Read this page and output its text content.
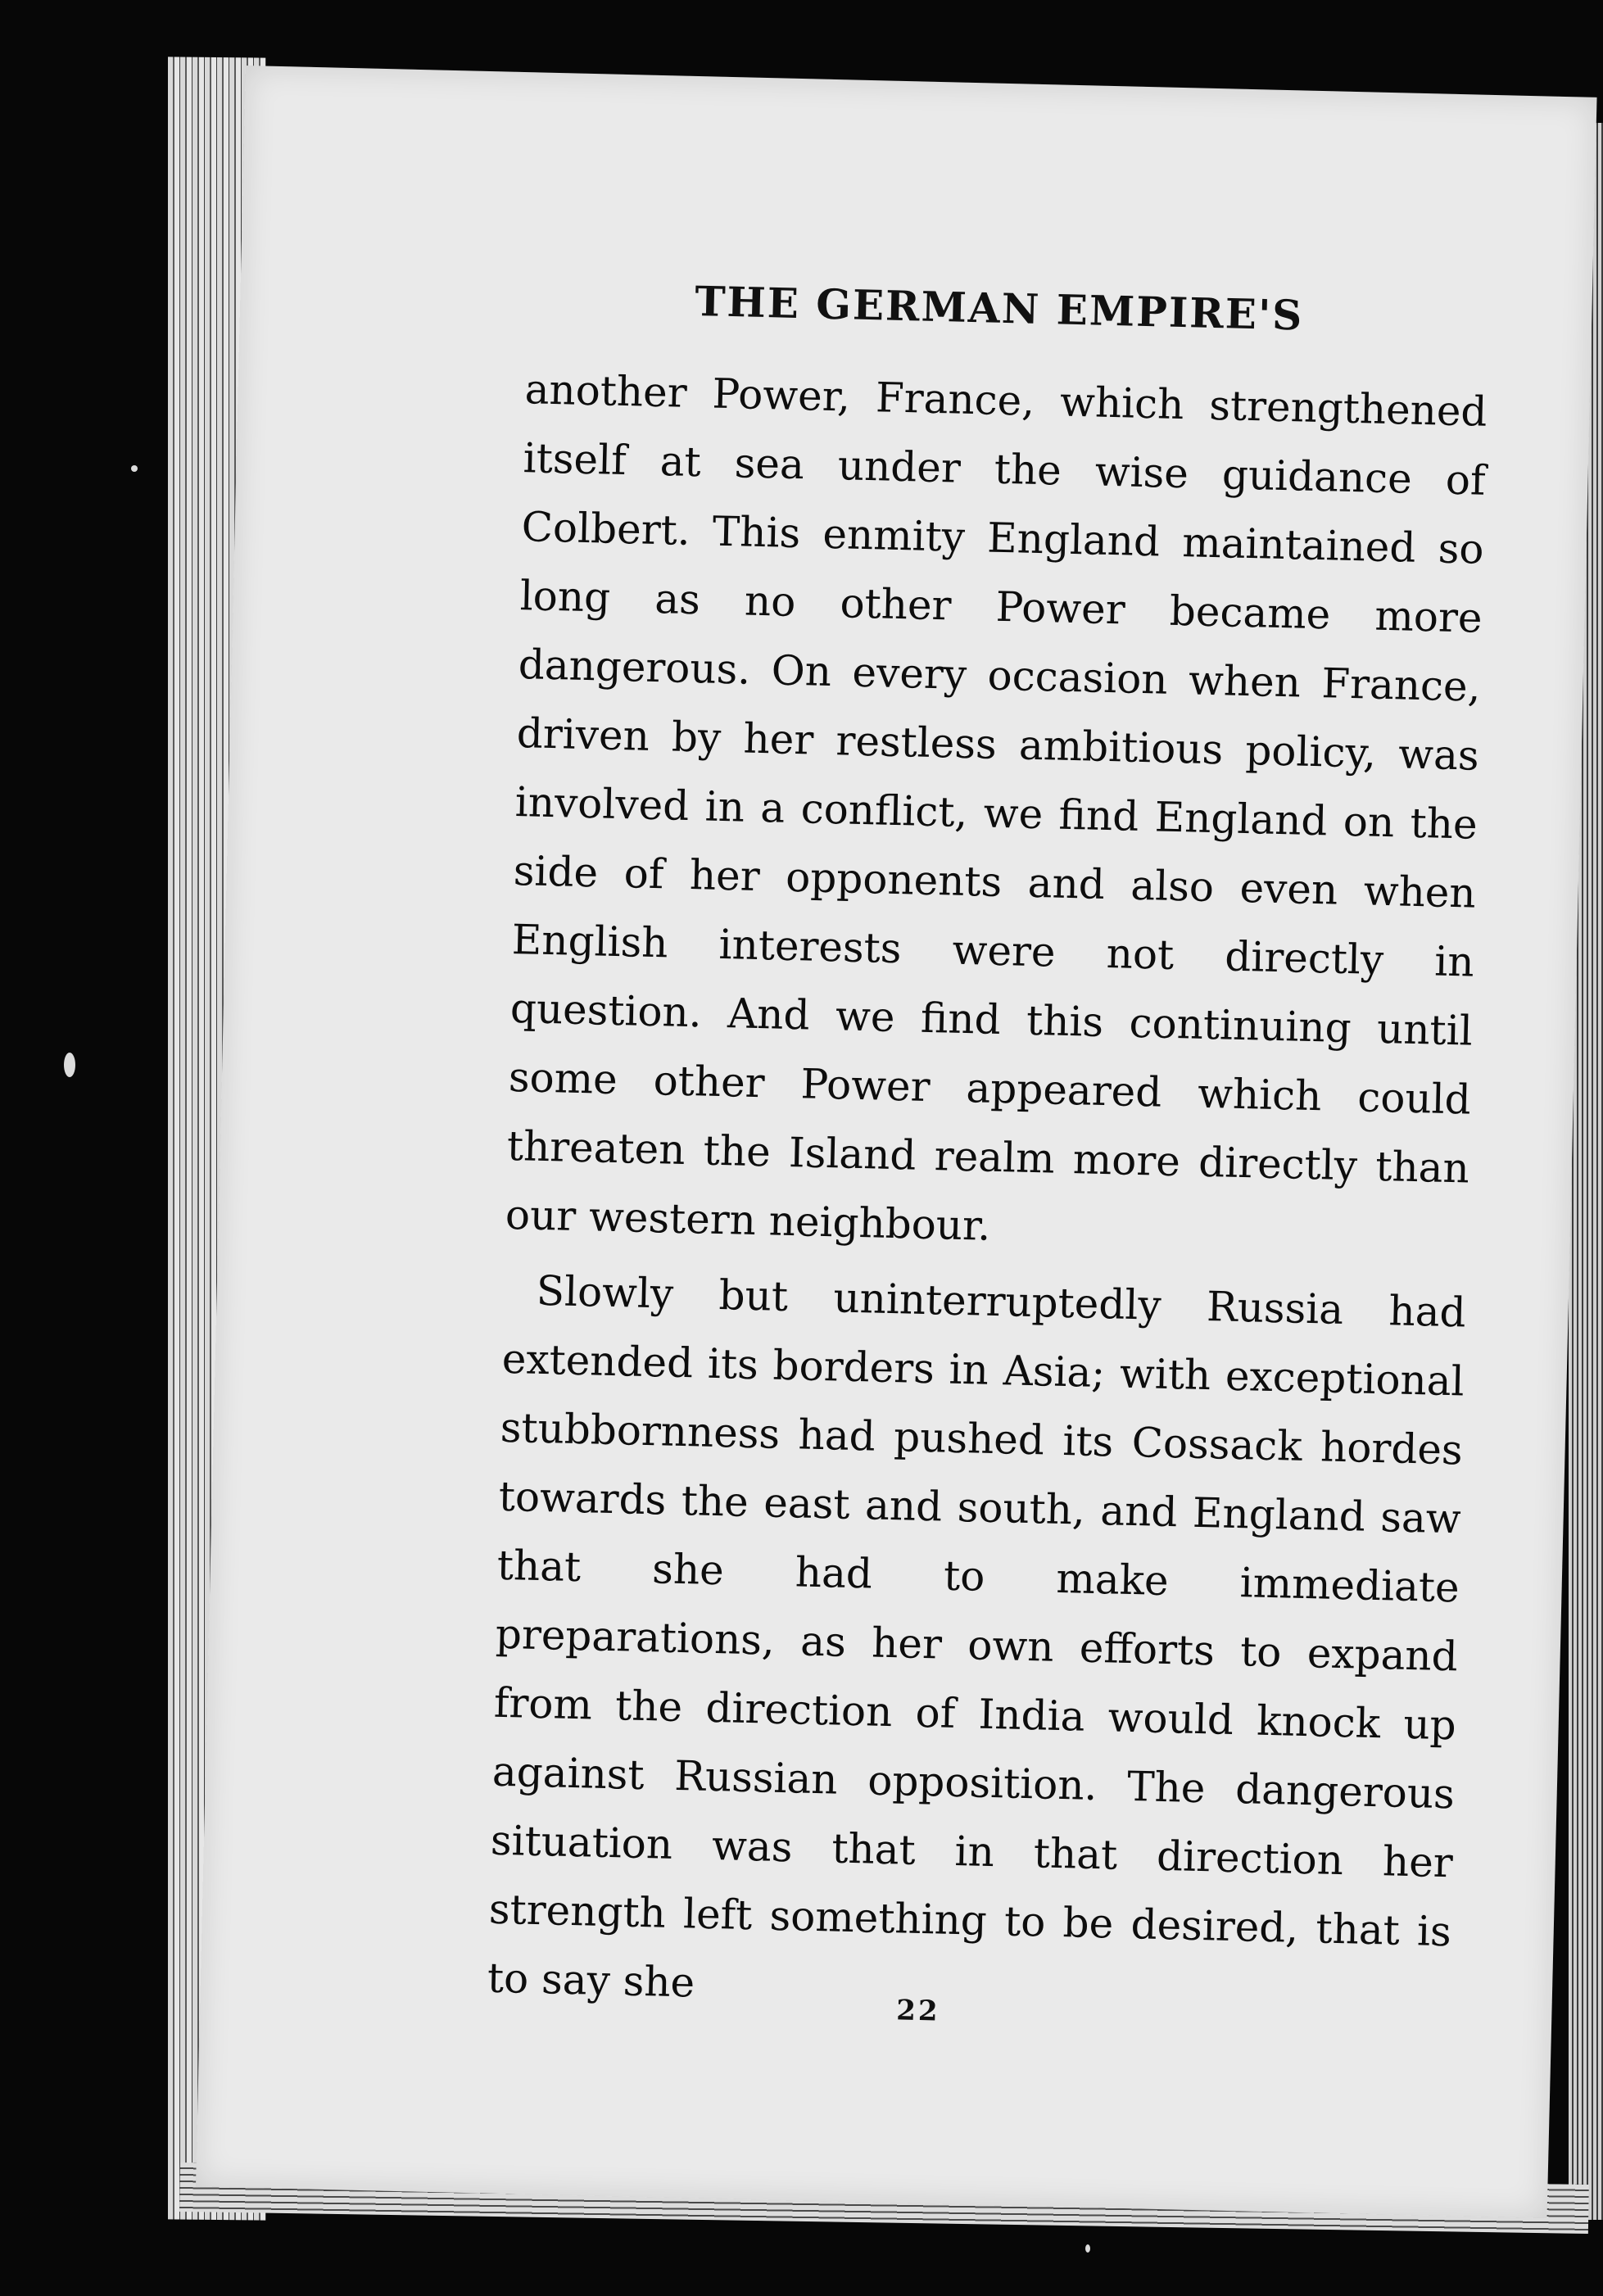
THE GERMAN EMPIRE'S

another Power, France, which strengthened itself at sea under the wise guidance of Colbert. This enmity England maintained so long as no other Power became more dangerous. On every occasion when France, driven by her restless ambitious policy, was involved in a conflict, we find England on the side of her opponents and also even when English interests were not directly in question. And we find this continuing until some other Power appeared which could threaten the Island realm more directly than our western neighbour.

Slowly but uninterruptedly Russia had extended its borders in Asia; with exceptional stubbornness had pushed its Cossack hordes towards the east and south, and England saw that she had to make immediate preparations, as her own efforts to expand from the direction of India would knock up against Russian opposition. The dangerous situation was that in that direction her strength left something to be desired, that is to say she

22
